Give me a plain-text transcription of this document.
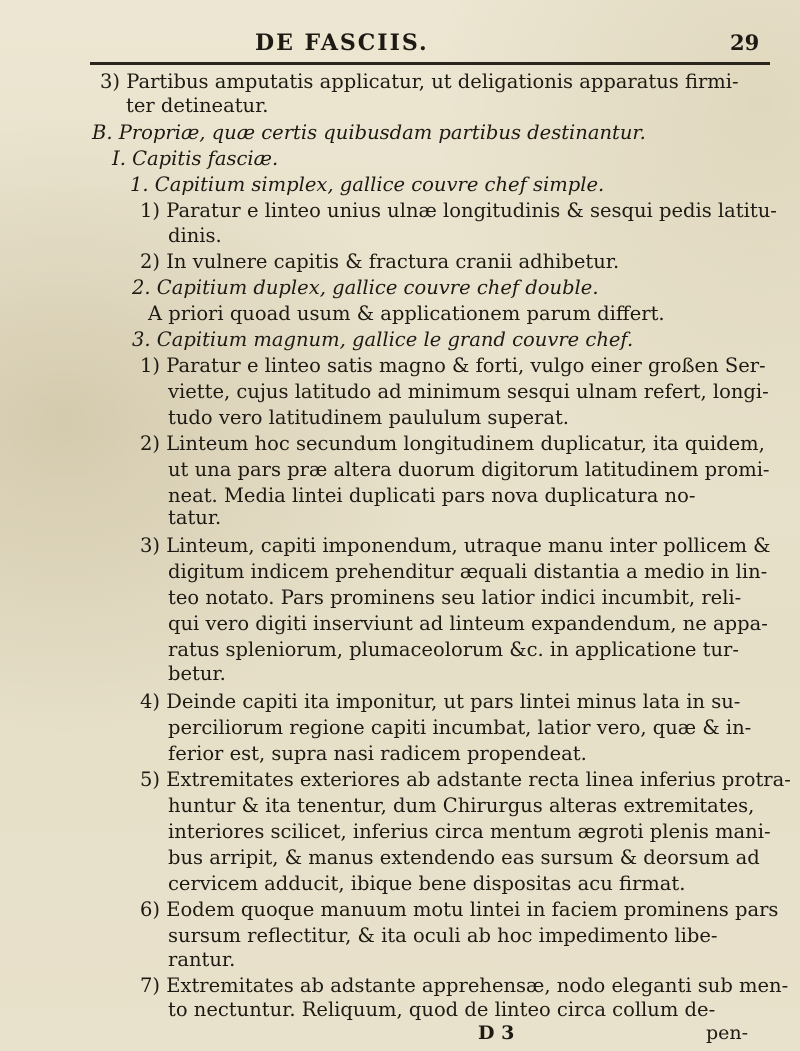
DE FASCIIS.	29
3) Partibus amputatis applicatur, ut deligationis apparatus firmi-
ter detineatur.
B. Propriæ, quæ certis quibusdam partibus destinantur.
I. Capitis fasciæ.
1. Capitium simplex, gallice couvre chef simple.
1) Paratur e linteo unius ulnæ longitudinis & sesqui pedis latitu-
dinis.
2) In vulnere capitis & fractura cranii adhibetur.
2. Capitium duplex, gallice couvre chef double.
A priori quoad usum & applicationem parum differt.
3. Capitium magnum, gallice le grand couvre chef.
1) Paratur e linteo satis magno & forti, vulgo einer großen Ser-
viette, cujus latitudo ad minimum sesqui ulnam refert, longi-
tudo vero latitudinem paululum superat.
2) Linteum hoc secundum longitudinem duplicatur, ita quidem,
ut una pars præ altera duorum digitorum latitudinem promi-
neat. Media lintei duplicati pars nova duplicatura no-
tatur.
3) Linteum, capiti imponendum, utraque manu inter pollicem &
digitum indicem prehenditur æquali distantia a medio in lin-
teo notato. Pars prominens seu latior indici incumbit, reli-
qui vero digiti inserviunt ad linteum expandendum, ne appa-
ratus spleniorum, plumaceolorum &c. in applicatione tur-
betur.
4) Deinde capiti ita imponitur, ut pars lintei minus lata in su-
perciliorum regione capiti incumbat, latior vero, quæ & in-
ferior est, supra nasi radicem propendeat.
5) Extremitates exteriores ab adstante recta linea inferius protra-
huntur & ita tenentur, dum Chirurgus alteras extremitates,
interiores scilicet, inferius circa mentum ægroti plenis mani-
bus arripit, & manus extendendo eas sursum & deorsum ad
cervicem adducit, ibique bene dispositas acu firmat.
6) Eodem quoque manuum motu lintei in faciem prominens pars
sursum reflectitur, & ita oculi ab hoc impedimento libe-
rantur.
7) Extremitates ab adstante apprehensæ, nodo eleganti sub men-
to nectuntur. Reliquum, quod de linteo circa collum de-
D 3	pen-
